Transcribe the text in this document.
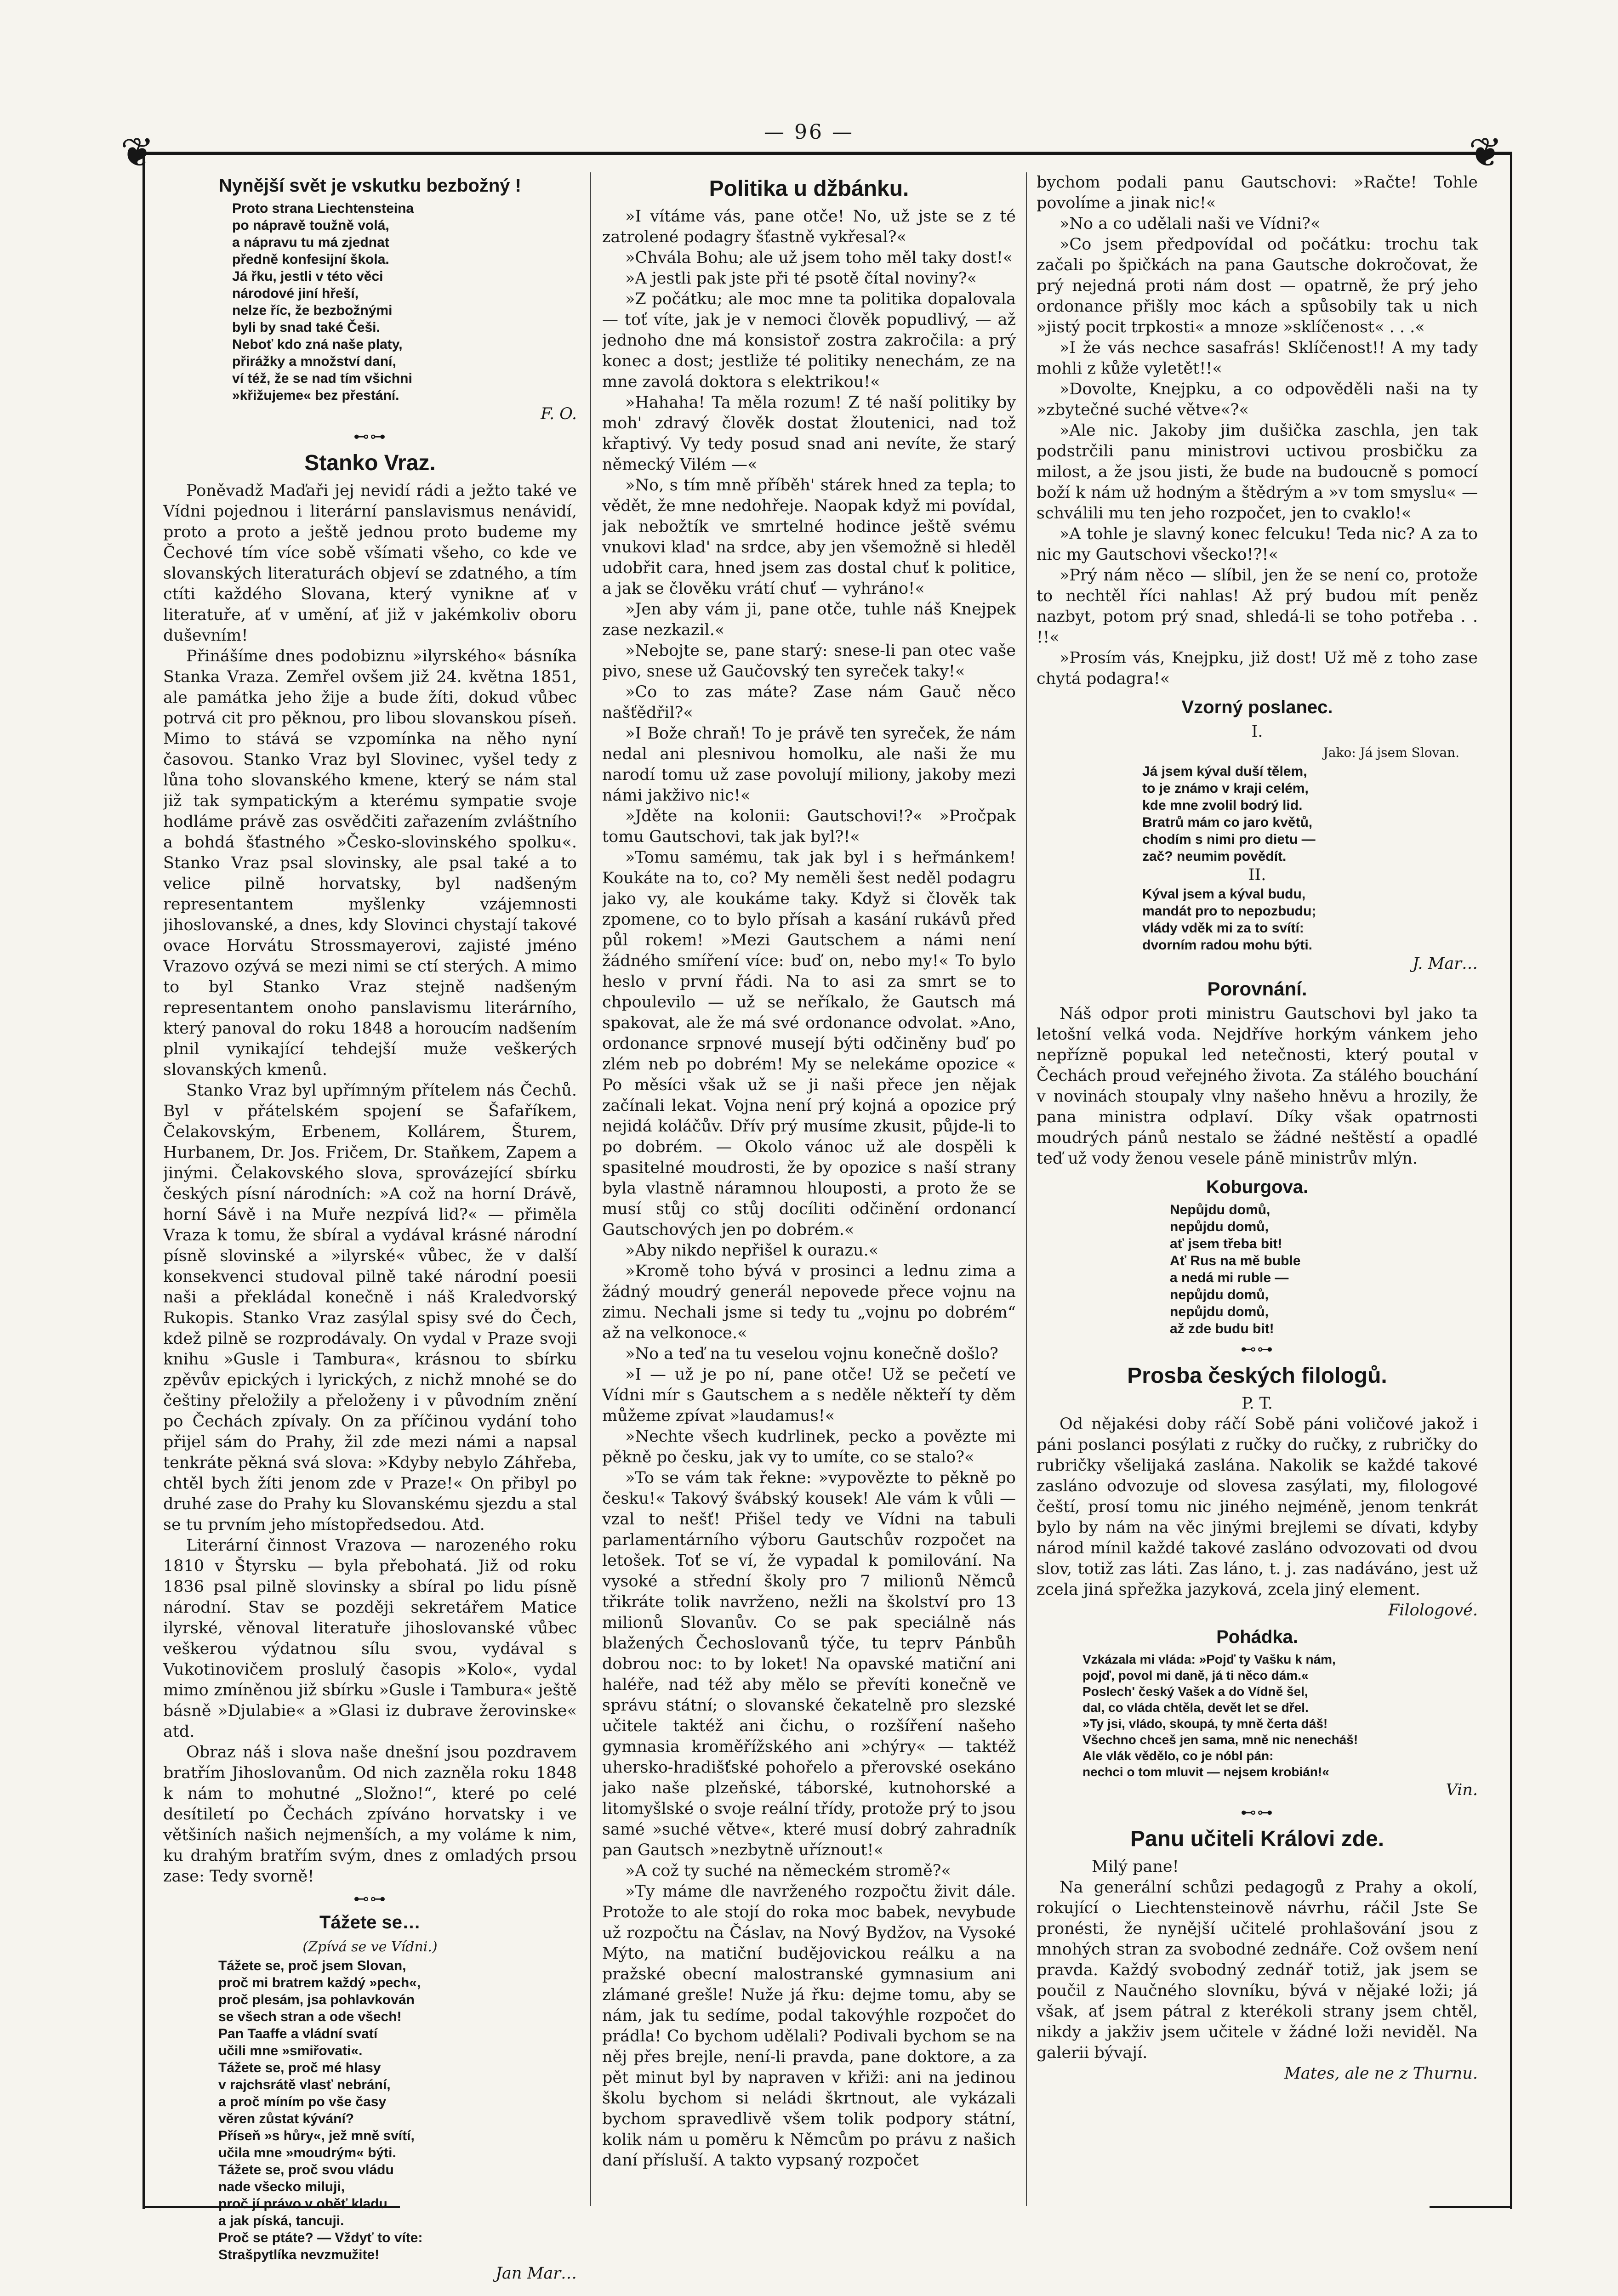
— 96 —
❦	❦
Nynější svět je vskutku bezbožný !
Proto strana Liechtensteina
po nápravě toužně volá,
a nápravu tu má zjednat
předně konfesijní škola.
Já řku, jestli v této věci
národové jiní hřeší,
nelze říc, že bezbožnými
byli by snad také Češi.
Neboť kdo zná naše platy,
přirážky a množství daní,
ví též, že se nad tím všichni
»křižujeme« bez přestání.
F. O.
⊷⊶
Stanko Vraz.

Poněvadž Maďaři jej nevidí rádi a ježto také ve Vídni pojednou i literární panslavismus nenávidí, proto a proto a ještě jednou proto budeme my Čechové tím více sobě všímati všeho, co kde ve slovanských literaturách objeví se zdatného, a tím ctíti každého Slovana, který vynikne ať v literatuře, ať v umění, ať již v jakémkoliv oboru duševním!

Přinášíme dnes podobiznu »ilyrského« básníka Stanka Vraza. Zemřel ovšem již 24. května 1851, ale památka jeho žije a bude žíti, dokud vůbec potrvá cit pro pěknou, pro libou slovanskou píseň. Mimo to stává se vzpomínka na něho nyní časovou. Stanko Vraz byl Slovinec, vyšel tedy z lůna toho slovanského kmene, který se nám stal již tak sympatickým a kterému sympatie svoje hodláme právě zas osvědčiti zařazením zvláštního a bohdá šťastného »Česko-slovinského spolku«. Stanko Vraz psal slovinsky, ale psal také a to velice pilně horvatsky, byl nadšeným representantem myšlenky vzájemnosti jihoslovanské, a dnes, kdy Slovinci chystají takové ovace Horvátu Strossmayerovi, zajisté jméno Vrazovo ozývá se mezi nimi se ctí sterých. A mimo to byl Stanko Vraz stejně nadšeným representantem onoho panslavismu literárního, který panoval do roku 1848 a horoucím nadšením plnil vynikající tehdejší muže veškerých slovanských kmenů.

Stanko Vraz byl upřímným přítelem nás Čechů. Byl v přátelském spojení se Šafaříkem, Čelakovským, Erbenem, Kollárem, Šturem, Hurbanem, Dr. Jos. Fričem, Dr. Staňkem, Zapem a jinými. Čelakovského slova, sprovázející sbírku českých písní národních: »A což na horní Drávě, horní Sávě i na Muře nezpívá lid?« — přiměla Vraza k tomu, že sbíral a vydával krásné národní písně slovinské a »ilyrské« vůbec, že v další konsekvenci studoval pilně také národní poesii naši a překládal konečně i náš Kraledvorský Rukopis. Stanko Vraz zasýlal spisy své do Čech, kdež pilně se rozprodávaly. On vydal v Praze svoji knihu »Gusle i Tambura«, krásnou to sbírku zpěvův epických i lyrických, z nichž mnohé se do češtiny přeložily a přeloženy i v původním znění po Čechách zpívaly. On za příčinou vydání toho přijel sám do Prahy, žil zde mezi námi a napsal tenkráte pěkná svá slova: »Kdyby nebylo Záhřeba, chtěl bych žíti jenom zde v Praze!« On přibyl po druhé zase do Prahy ku Slovanskému sjezdu a stal se tu prvním jeho místopředsedou. Atd.

Literární činnost Vrazova — narozeného roku 1810 v Štyrsku — byla přebohatá. Již od roku 1836 psal pilně slovinsky a sbíral po lidu písně národní. Stav se později sekretářem Matice ilyrské, věnoval literatuře jihoslovanské vůbec veškerou výdatnou sílu svou, vydával s Vukotinovičem proslulý časopis »Kolo«, vydal mimo zmíněnou již sbírku »Gusle i Tambura« ještě básně »Djulabie« a »Glasi iz dubrave žerovinske« atd.

Obraz náš i slova naše dnešní jsou pozdravem bratřím Jihoslovanům. Od nich zazněla roku 1848 k nám to mohutné „Složno!“, které po celé desítiletí po Čechách zpíváno horvatsky i ve většiních našich nejmenších, a my voláme k nim, ku drahým bratřím svým, dnes z omladých prsou zase: Tedy svorně!

⊷⊶
Tážete se…
(Zpívá se ve Vídni.)
Tážete se, proč jsem Slovan,
proč mi bratrem každý »pech«,
proč plesám, jsa pohlavkován
se všech stran a ode všech!
Pan Taaffe a vládní svatí
učili mne »smiřovati«.
Tážete se, proč mé hlasy
v rajchsrátě vlasť nebrání,
a proč míním po vše časy
věren zůstat kývání?
Příseň »s hůry«, jež mně svítí,
učila mne »moudrým« býti.
Tážete se, proč svou vládu
nade všecko miluji,
proč jí právo v oběť kladu
a jak píská, tancuji.
Proč se ptáte? — Vždyť to víte:
Strašpytlíka nevzmužite!
Jan Mar…
Politika u džbánku.

»I vítáme vás, pane otče! No, už jste se z té zatrolené podagry šťastně vykřesal?«

»Chvála Bohu; ale už jsem toho měl taky dost!«

»A jestli pak jste při té psotě čítal noviny?«

»Z počátku; ale moc mne ta politika dopalovala — toť víte, jak je v nemoci člověk popudlivý, — až jednoho dne má konsistoř zostra zakročila: a prý konec a dost; jestliže té politiky nenechám, ze na mne zavolá doktora s elektrikou!«

»Hahaha! Ta měla rozum! Z té naší politiky by moh' zdravý člověk dostat žloutenici, nad tož křaptivý. Vy tedy posud snad ani nevíte, že starý německý Vilém —«

»No, s tím mně příběh' stárek hned za tepla; to vědět, že mne nedohřeje. Naopak když mi povídal, jak nebožtík ve smrtelné hodince ještě svému vnukovi klad' na srdce, aby jen všemožně si hleděl udobřit cara, hned jsem zas dostal chuť k politice, a jak se člověku vrátí chuť — vyhráno!«

»Jen aby vám ji, pane otče, tuhle náš Knejpek zase nezkazil.«

»Nebojte se, pane starý: snese-li pan otec vaše pivo, snese už Gaučovský ten syreček taky!«

»Co to zas máte? Zase nám Gauč něco našťědřil?«

»I Bože chraň! To je právě ten syreček, že nám nedal ani plesnivou homolku, ale naši že mu narodí tomu už zase povolují miliony, jakoby mezi námi jakživo nic!«

»Jděte na kolonii: Gautschovi!?« »Pročpak tomu Gautschovi, tak jak byl?!«

»Tomu samému, tak jak byl i s heřmánkem! Koukáte na to, co? My neměli šest neděl podagru jako vy, ale koukáme taky. Když si člověk tak zpomene, co to bylo přísah a kasání rukávů před půl rokem! »Mezi Gautschem a námi není žádného smíření více: buď on, nebo my!« To bylo heslo v první řádi. Na to asi za smrt se to chpoulevilo — už se neříkalo, že Gautsch má spakovat, ale že má své ordonance odvolat. »Ano, ordonance srpnové musejí býti odčiněny buď po zlém neb po dobrém! My se nelekáme opozice « Po měsíci však už se ji naši přece jen nějak začínali lekat. Vojna není prý kojná a opozice prý nejidá koláčův. Dřív prý musíme zkusit, půjde-li to po dobrém. — Okolo vánoc už ale dospěli k spasitelné moudrosti, že by opozice s naší strany byla vlastně náramnou hlouposti, a proto že se musí stůj co stůj docíliti odčinění ordonancí Gautschových jen po dobrém.«

»Aby nikdo nepřišel k ourazu.«

»Kromě toho bývá v prosinci a lednu zima a žádný moudrý generál nepovede přece vojnu na zimu. Nechali jsme si tedy tu „vojnu po dobrém“ až na velkonoce.«

»No a teď na tu veselou vojnu konečně došlo?

»I — už je po ní, pane otče! Už se pečetí ve Vídni mír s Gautschem a s neděle někteří ty děm můžeme zpívat »laudamus!«

»Nechte všech kudrlinek, pecko a povězte mi pěkně po česku, jak vy to umíte, co se stalo?«

»To se vám tak řekne: »vypovězte to pěkně po česku!« Takový švábský kousek! Ale vám k vůli — vzal to nešť! Přišel tedy ve Vídni na tabuli parlamentárního výboru Gautschův rozpočet na letošek. Toť se ví, že vypadal k pomilování. Na vysoké a střední školy pro 7 milionů Němců třikráte tolik navrženo, nežli na školství pro 13 milionů Slovanův. Co se pak speciálně nás blažených Čechoslovanů týče, tu teprv Pánbůh dobrou noc: to by loket! Na opavské matiční ani haléře, nad též aby mělo se převíti konečně ve správu státní; o slovanské čekatelně pro slezské učitele taktéž ani čichu, o rozšíření našeho gymnasia kroměřížského ani »chýry« — taktéž uhersko-hradišťské pohořelo a přerovské osekáno jako naše plzeňské, táborské, kutnohorské a litomyšlské o svoje reální třídy, protože prý to jsou samé »suché větve«, které musí dobrý zahradník pan Gautsch »nezbytně uříznout!«

»A což ty suché na německém stromě?«

»Ty máme dle navrženého rozpočtu živit dále. Protože to ale stojí do roka moc babek, nevybude už rozpočtu na Čáslav, na Nový Bydžov, na Vysoké Mýto, na matiční budějovickou reálku a na pražské obecní malostranské gymnasium ani zlámané grešle! Nuže já řku: dejme tomu, aby se nám, jak tu sedíme, podal takovýhle rozpočet do prádla! Co bychom udělali? Podivali bychom se na něj přes brejle, není-li pravda, pane doktore, a za pět minut byl by napraven v křiži: ani na jedinou školu bychom si neládi škrtnout, ale vykázali bychom spravedlivě všem tolik podpory státní, kolik nám u poměru k Němcům po právu z našich daní přísluší. A takto vypsaný rozpočet

bychom podali panu Gautschovi: »Račte! Tohle povolíme a jinak nic!«

»No a co udělali naši ve Vídni?«

»Co jsem předpovídal od počátku: trochu tak začali po špičkách na pana Gautsche dokročovat, že prý nejedná proti nám dost — opatrně, že prý jeho ordonance přišly moc kách a spůsobily tak u nich »jistý pocit trpkosti« a mnoze »sklíčenost« . . .«

»I že vás nechce sasafrás! Sklíčenost!! A my tady mohli z kůže vyletět!!«

»Dovolte, Knejpku, a co odpověděli naši na ty »zbytečné suché větve«?«

»Ale nic. Jakoby jim dušička zaschla, jen tak podstrčili panu ministrovi uctivou prosbičku za milost, a že jsou jisti, že bude na budoucně s pomocí boží k nám už hodným a štědrým a »v tom smyslu« — schválili mu ten jeho rozpočet, jen to cvaklo!«

»A tohle je slavný konec felcuku! Teda nic? A za to nic my Gautschovi všecko!?!«

»Prý nám něco — slíbil, jen že se není co, protože to nechtěl říci nahlas! Až prý budou mít peněz nazbyt, potom prý snad, shledá-li se toho potřeba . . !!«

»Prosím vás, Knejpku, již dost! Už mě z toho zase chytá podagra!«

Vzorný poslanec.
I.
Jako: Já jsem Slovan.
Já jsem kýval duší tělem,
to je známo v kraji celém,
kde mne zvolil bodrý lid.
Bratrů mám co jaro květů,
chodím s nimi pro dietu —
zač? neumim povědít.
II.
Kýval jsem a kýval budu,
mandát pro to nepozbudu;
vlády vděk mi za to svítí:
dvorním radou mohu býti.
J. Mar…
Porovnání.

Náš odpor proti ministru Gautschovi byl jako ta letošní velká voda. Nejdříve horkým vánkem jeho nepříznĕ popukal led netečnosti, který poutal v Čechách proud veřejného života. Za stálého bouchání v novinách stoupaly vlny našeho hněvu a hrozily, že pana ministra odplaví. Díky však opatrnosti moudrých pánů nestalo se žádné neštěstí a opadlé teď už vody ženou vesele pánĕ ministrův mlýn.

Koburgova.
Nepůjdu domů,
nepůjdu domů,
ať jsem třeba bit!
Ať Rus na mě buble
a nedá mi ruble —
nepůjdu domů,
nepůjdu domů,
až zde budu bit!
⊷⊶
Prosba českých filologů.
P. T.

Od nějakési doby ráčí Sobě páni voličové jakož i páni poslanci posýlati z ručky do ručky, z rubričky do rubričky všelijaká zaslána. Nakolik se každé takové zasláno odvozuje od slovesa zasýlati, my, filologové čeští, prosí tomu nic jiného nejméně, jenom tenkrát bylo by nám na věc jinými brejlemi se dívati, kdyby národ mínil každé takové zasláno odvozovati od dvou slov, totiž zas láti. Zas láno, t. j. zas nadáváno, jest už zcela jiná spřežka jazyková, zcela jiný element.

Filologové.
Pohádka.
Vzkázala mi vláda: »Pojď ty Vašku k nám,
pojď, povol mi daně, já ti něco dám.«
Poslech' český Vašek a do Vídně šel,
dal, co vláda chtěla, devět let se dřel.
»Ty jsi, vládo, skoupá, ty mně čerta dáš!
Všechno chceš jen sama, mně nic nenecháš!
Ale vlák vědělo, co je nóbl pán:
nechci o tom mluvit — nejsem krobián!«
Vin.
⊷⊶
Panu učiteli Královi zde.

Milý pane!

Na generální schůzi pedagogů z Prahy a okolí, rokující o Liechtensteinově návrhu, ráčil Jste Se pronésti, že nynější učitelé prohlašování jsou z mnohých stran za svobodné zednáře. Což ovšem není pravda. Každý svobodný zednář totiž, jak jsem se poučil z Naučného slovníku, bývá v nějaké loži; já však, ať jsem pátral z kterékoli strany jsem chtěl, nikdy a jakživ jsem učitele v žádné loži neviděl. Na galerii bývají.

Mates, ale ne z Thurnu.
